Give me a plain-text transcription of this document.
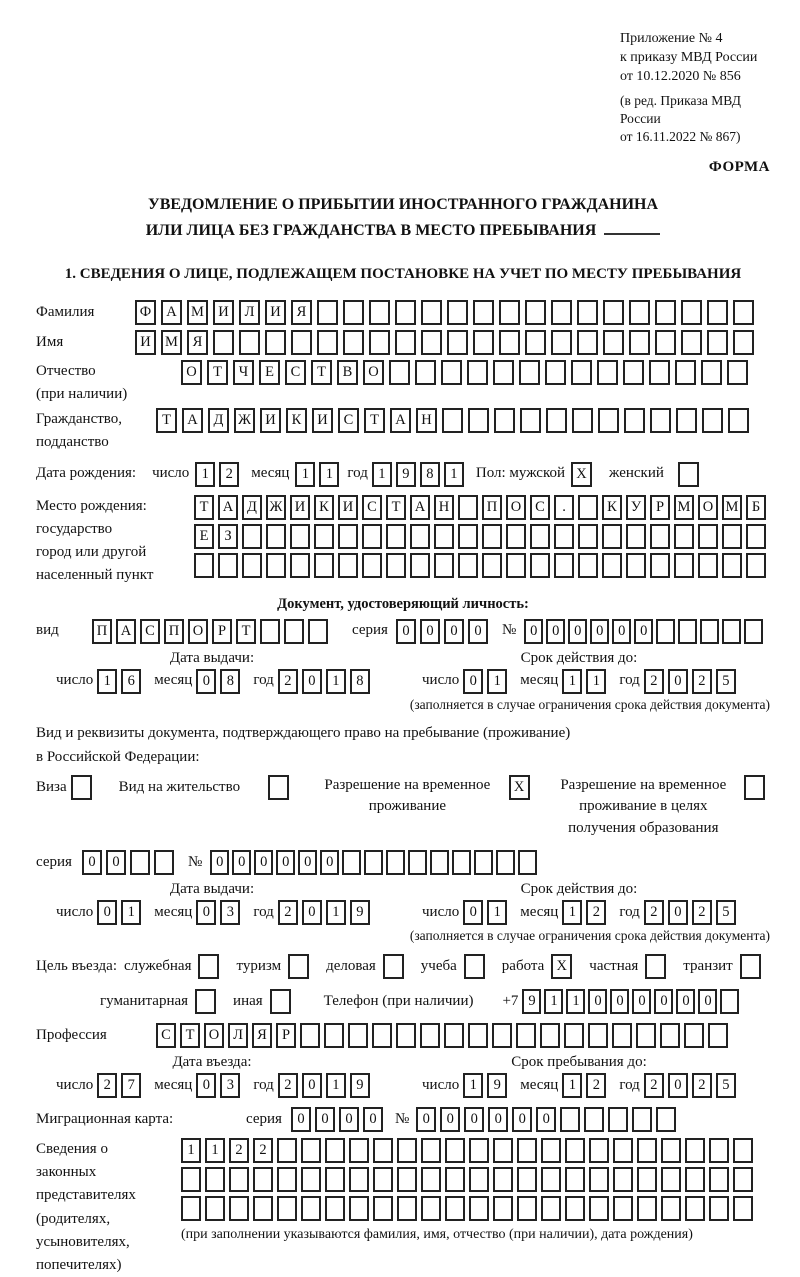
Приложение № 4
к приказу МВД России
от 10.12.2020 № 856
(в ред. Приказа МВД России
от 16.11.2022 № 867)
ФОРМА
УВЕДОМЛЕНИЕ О ПРИБЫТИИ ИНОСТРАННОГО ГРАЖДАНИНА
ИЛИ ЛИЦА БЕЗ ГРАЖДАНСТВА В МЕСТО ПРЕБЫВАНИЯ
1. СВЕДЕНИЯ О ЛИЦЕ, ПОДЛЕЖАЩЕМ ПОСТАНОВКЕ НА УЧЕТ ПО МЕСТУ ПРЕБЫВАНИЯ
Фамилия	Ф	А М И	Л	И	Я
Имя	И М	Я
Отчество
(при наличии)
О	Т	Ч	Е	С	Т	В	О
Гражданство,
подданство
Т	А	Д	Ж И	К	И	С	Т	А	Н
Дата рождения: число 1	2	месяц 1	1 год 1	9	8	1	Пол: мужской X	женский
Место рождения:
государство
город или другой
населенный пункт
Т А Д Ж И К И С	Т А Н	П О С	.	К У	Р М О М Б
Е	З
Документ, удостоверяющий личность:
вид	П А С П О	Р	Т	серия 0	0	0	0	№ 0	0	0	0	0	0
Дата выдачи:
число 1	6	месяц 0	8	год 2	0	1	8
Срок действия до:
число 0	1	месяц 1	1	год 2	0	2	5
(заполняется в случае ограничения срока действия документа)
Вид и реквизиты документа, подтверждающего право на пребывание (проживание)
в Российской Федерации:
Виза	Вид на жительство	Разрешение на временное
проживание
X	Разрешение на временное
проживание в целях
получения образования
серия	0	0	№ 0	0	0	0	0	0
Дата выдачи:
число 0	1	месяц 0	3	год 2	0	1	9
Срок действия до:
число 0	1	месяц 1	2	год 2	0	2	5
(заполняется в случае ограничения срока действия документа)
Цель въезда: служебная	туризм	деловая	учеба	работа X	частная	транзит
гуманитарная	иная	Телефон (при наличии) +7 9	1	1	0	0	0	0	0	0
Профессия	С	Т О Л Я	Р
Дата въезда:
число 2	7	месяц 0	3	год 2	0	1	9
Срок пребывания до:
число 1	9	месяц 1	2	год 2	0	2	5
Миграционная карта:	серия	0	0	0	0	№ 0	0	0	0	0	0
Сведения о
законных
представителях
(родителях,
усыновителях,
попечителях)
1	1	2	2
(при заполнении указываются фамилия, имя, отчество (при наличии), дата рождения)
